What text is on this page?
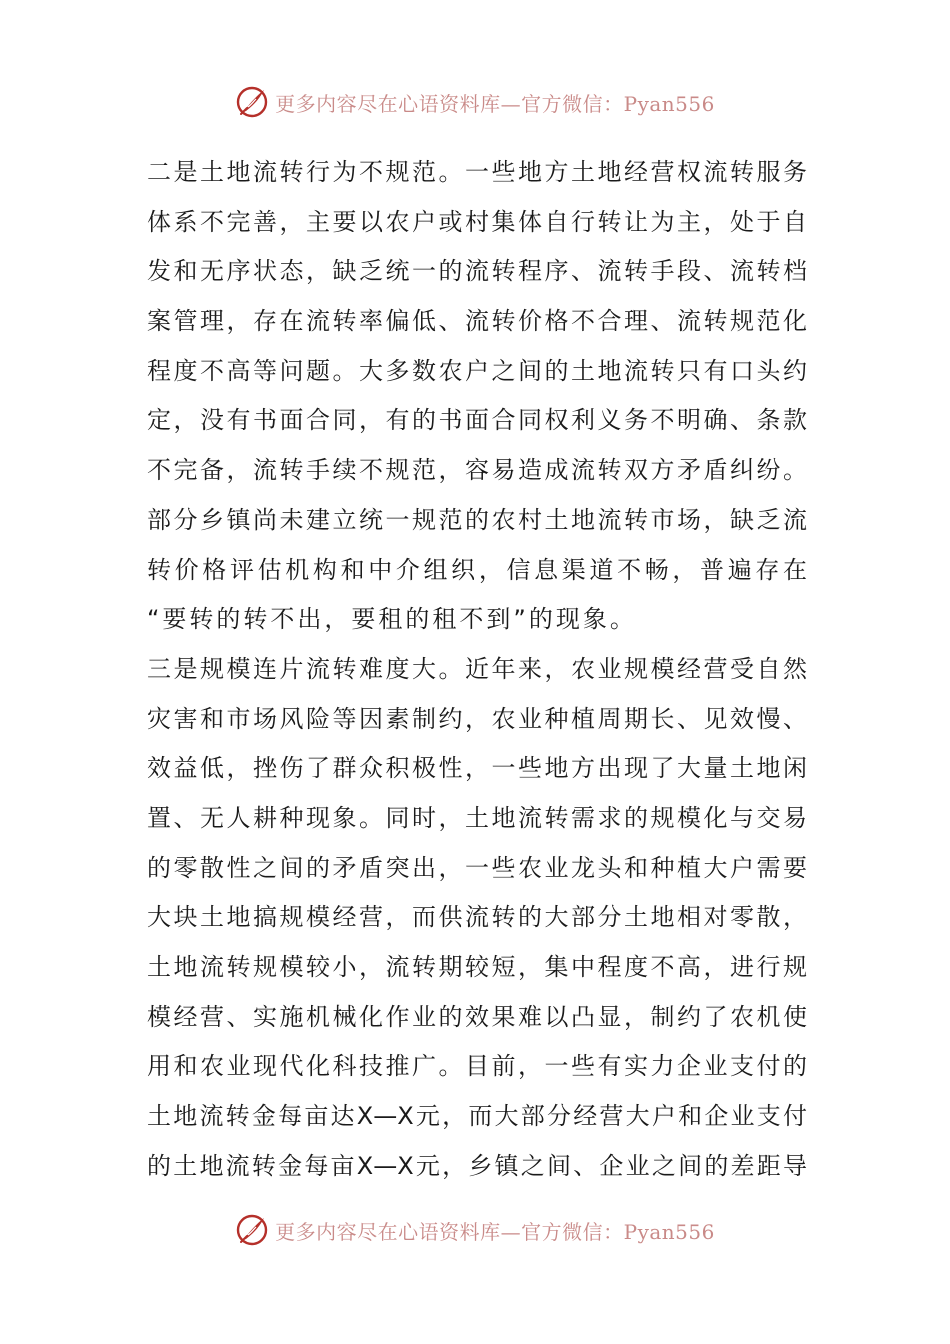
更多内容尽在心语资料库—官方微信：Pyan556
二是土地流转行为不规范。一些地方土地经营权流转服务
体系不完善，主要以农户或村集体自行转让为主，处于自
发和无序状态，缺乏统一的流转程序、流转手段、流转档
案管理，存在流转率偏低、流转价格不合理、流转规范化
程度不高等问题。大多数农户之间的土地流转只有口头约
定，没有书面合同，有的书面合同权利义务不明确、条款
不完备，流转手续不规范，容易造成流转双方矛盾纠纷。
部分乡镇尚未建立统一规范的农村土地流转市场，缺乏流
转价格评估机构和中介组织，信息渠道不畅，普遍存在
“要转的转不出，要租的租不到”的现象。
三是规模连片流转难度大。近年来，农业规模经营受自然
灾害和市场风险等因素制约，农业种植周期长、见效慢、
效益低，挫伤了群众积极性，一些地方出现了大量土地闲
置、无人耕种现象。同时，土地流转需求的规模化与交易
的零散性之间的矛盾突出，一些农业龙头和种植大户需要
大块土地搞规模经营，而供流转的大部分土地相对零散，
土地流转规模较小，流转期较短，集中程度不高，进行规
模经营、实施机械化作业的效果难以凸显，制约了农机使
用和农业现代化科技推广。目前，一些有实力企业支付的
土地流转金每亩达X—X元，而大部分经营大户和企业支付
的土地流转金每亩X—X元，乡镇之间、企业之间的差距导
更多内容尽在心语资料库—官方微信：Pyan556
